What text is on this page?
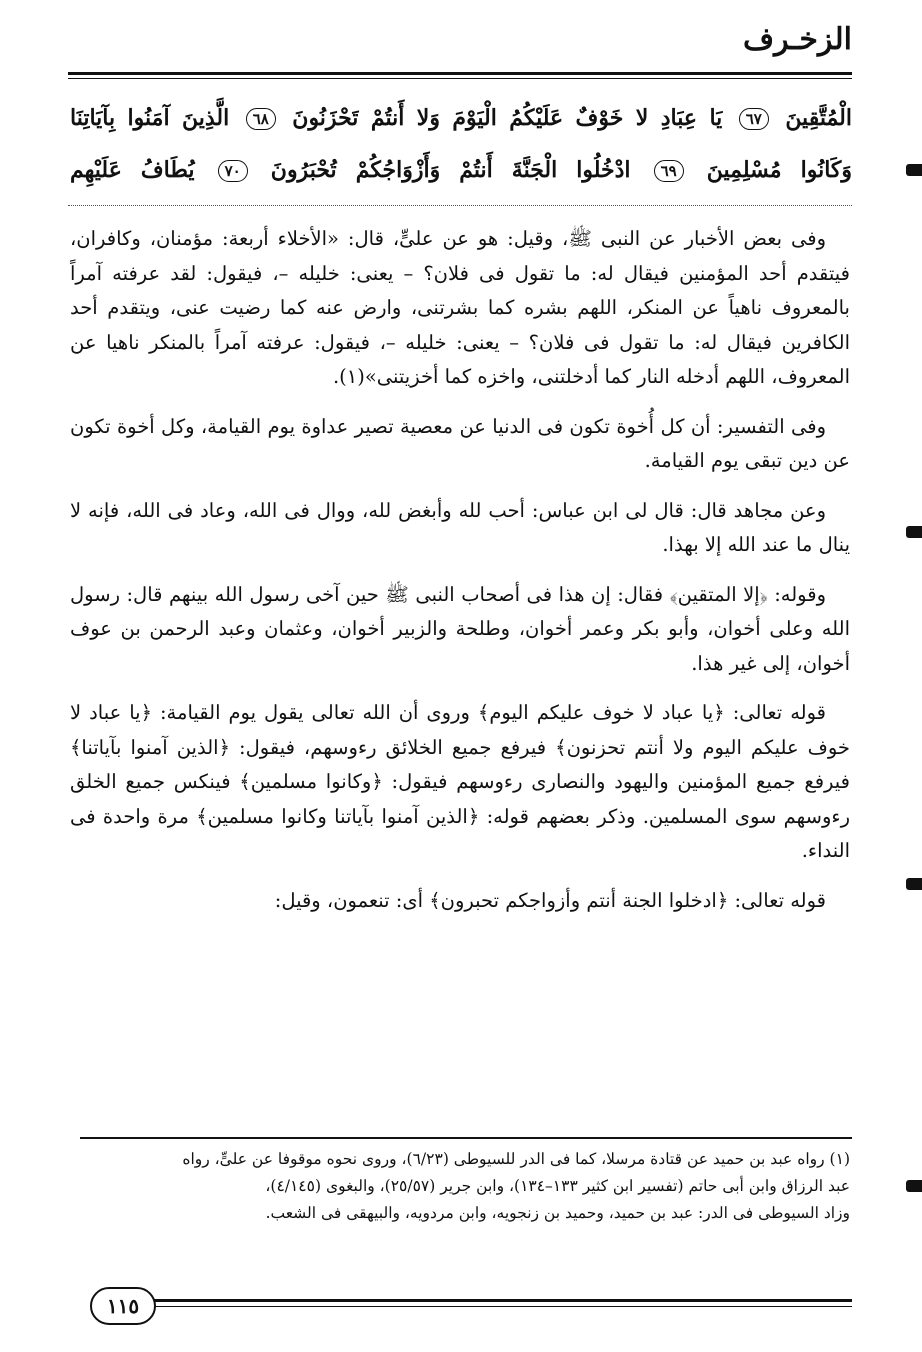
الزخـرف
الْمُتَّقِينَ ٦٧ يَا عِبَادِ لا خَوْفٌ عَلَيْكُمُ الْيَوْمَ وَلا أَنتُمْ تَحْزَنُونَ ٦٨ الَّذِينَ آمَنُوا بِآيَاتِنَا
وَكَانُوا مُسْلِمِينَ ٦٩ ادْخُلُوا الْجَنَّةَ أَنتُمْ وَأَزْوَاجُكُمْ تُحْبَرُونَ ٧٠ يُطَافُ عَلَيْهِم

وفى بعض الأخبار عن النبى ﷺ، وقيل: هو عن علىٍّ، قال: «الأخلاء أربعة: مؤمنان، وكافران، فيتقدم أحد المؤمنين فيقال له: ما تقول فى فلان؟ – يعنى: خليله –، فيقول: لقد عرفته آمراً بالمعروف ناهياً عن المنكر، اللهم بشره كما بشرتنى، وارض عنه كما رضيت عنى، ويتقدم أحد الكافرين فيقال له: ما تقول فى فلان؟ – يعنى: خليله –، فيقول: عرفته آمراً بالمنكر ناهيا عن المعروف، اللهم أدخله النار كما أدخلتنى، واخزه كما أخزيتنى»(١).

وفى التفسير: أن كل أُخوة تكون فى الدنيا عن معصية تصير عداوة يوم القيامة، وكل أخوة تكون عن دين تبقى يوم القيامة.

وعن مجاهد قال: قال لى ابن عباس: أحب لله وأبغض لله، ووال فى الله، وعاد فى الله، فإنه لا ينال ما عند الله إلا بهذا.

وقوله: ﴿إلا المتقين﴾ فقال: إن هذا فى أصحاب النبى ﷺ حين آخى رسول الله بينهم قال: رسول الله وعلى أخوان، وأبو بكر وعمر أخوان، وطلحة والزبير أخوان، وعثمان وعبد الرحمن بن عوف أخوان، إلى غير هذا.

قوله تعالى: ﴿يا عباد لا خوف عليكم اليوم﴾ وروى أن الله تعالى يقول يوم القيامة: ﴿يا عباد لا خوف عليكم اليوم ولا أنتم تحزنون﴾ فيرفع جميع الخلائق رءوسهم، فيقول: ﴿الذين آمنوا بآياتنا﴾ فيرفع جميع المؤمنين واليهود والنصارى رءوسهم فيقول: ﴿وكانوا مسلمين﴾ فينكس جميع الخلق رءوسهم سوى المسلمين. وذكر بعضهم قوله: ﴿الذين آمنوا بآياتنا وكانوا مسلمين﴾ مرة واحدة فى النداء.

قوله تعالى: ﴿ادخلوا الجنة أنتم وأزواجكم تحبرون﴾ أى: تنعمون، وقيل:

(١) رواه عبد بن حميد عن قتادة مرسلا، كما فى الدر للسيوطى (٦/٢٣)، وروى نحوه موقوفا عن علىٍّ، رواه

عبد الرزاق وابن أبى حاتم (تفسير ابن كثير ١٣٣–١٣٤)، وابن جرير (٢٥/٥٧)، والبغوى (٤/١٤٥)،

وزاد السيوطى فى الدر: عبد بن حميد، وحميد بن زنجويه، وابن مردويه، والبيهقى فى الشعب.

١١٥
